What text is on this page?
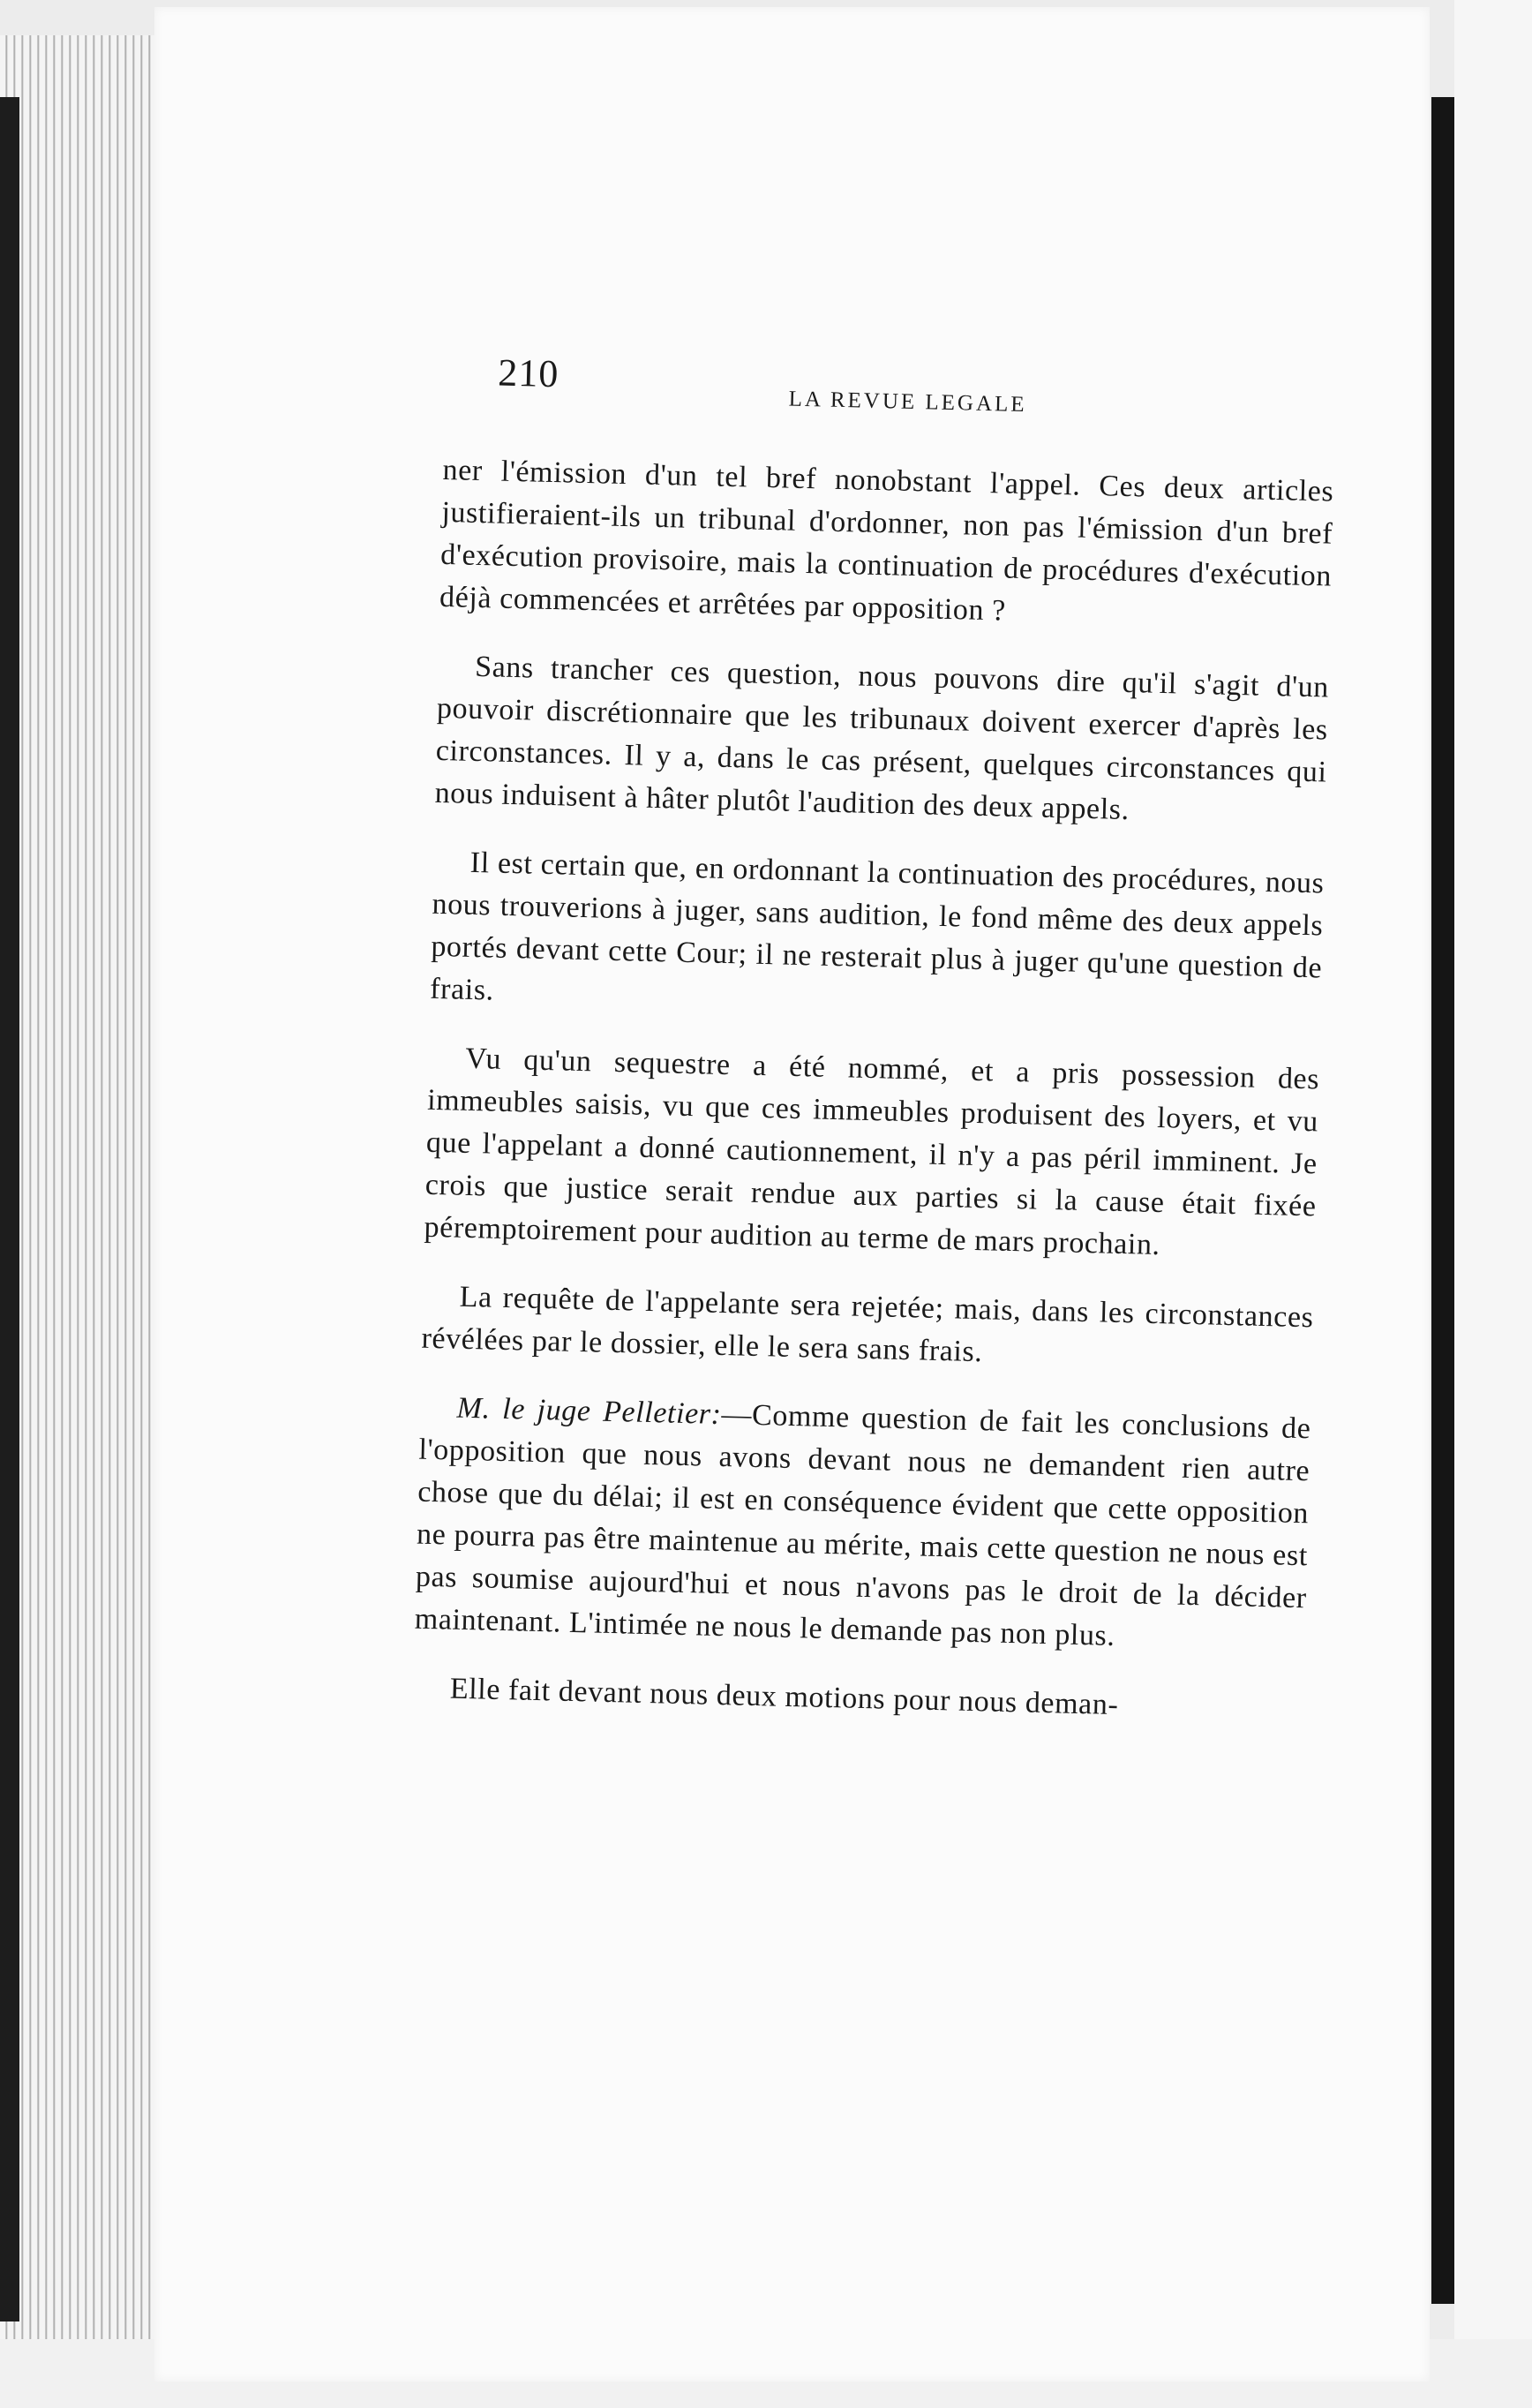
210
LA REVUE LEGALE

ner l'émission d'un tel bref nonobstant l'appel. Ces deux articles justifieraient-ils un tribunal d'ordonner, non pas l'émission d'un bref d'exécution provisoire, mais la continuation de procédures d'exécution déjà commencées et arrêtées par opposition ?

Sans trancher ces question, nous pouvons dire qu'il s'agit d'un pouvoir discrétionnaire que les tribunaux doivent exercer d'après les circonstances. Il y a, dans le cas présent, quelques circonstances qui nous induisent à hâter plutôt l'audition des deux appels.

Il est certain que, en ordonnant la continuation des procédures, nous nous trouverions à juger, sans audition, le fond même des deux appels portés devant cette Cour; il ne resterait plus à juger qu'une question de frais.

Vu qu'un sequestre a été nommé, et a pris possession des immeubles saisis, vu que ces immeubles produisent des loyers, et vu que l'appelant a donné cautionnement, il n'y a pas péril imminent. Je crois que justice serait rendue aux parties si la cause était fixée péremptoirement pour audition au terme de mars prochain.

La requête de l'appelante sera rejetée; mais, dans les circonstances révélées par le dossier, elle le sera sans frais.

M. le juge Pelletier:—Comme question de fait les conclusions de l'opposition que nous avons devant nous ne demandent rien autre chose que du délai; il est en conséquence évident que cette opposition ne pourra pas être maintenue au mérite, mais cette question ne nous est pas soumise aujourd'hui et nous n'avons pas le droit de la décider maintenant. L'intimée ne nous le demande pas non plus.

Elle fait devant nous deux motions pour nous deman-
